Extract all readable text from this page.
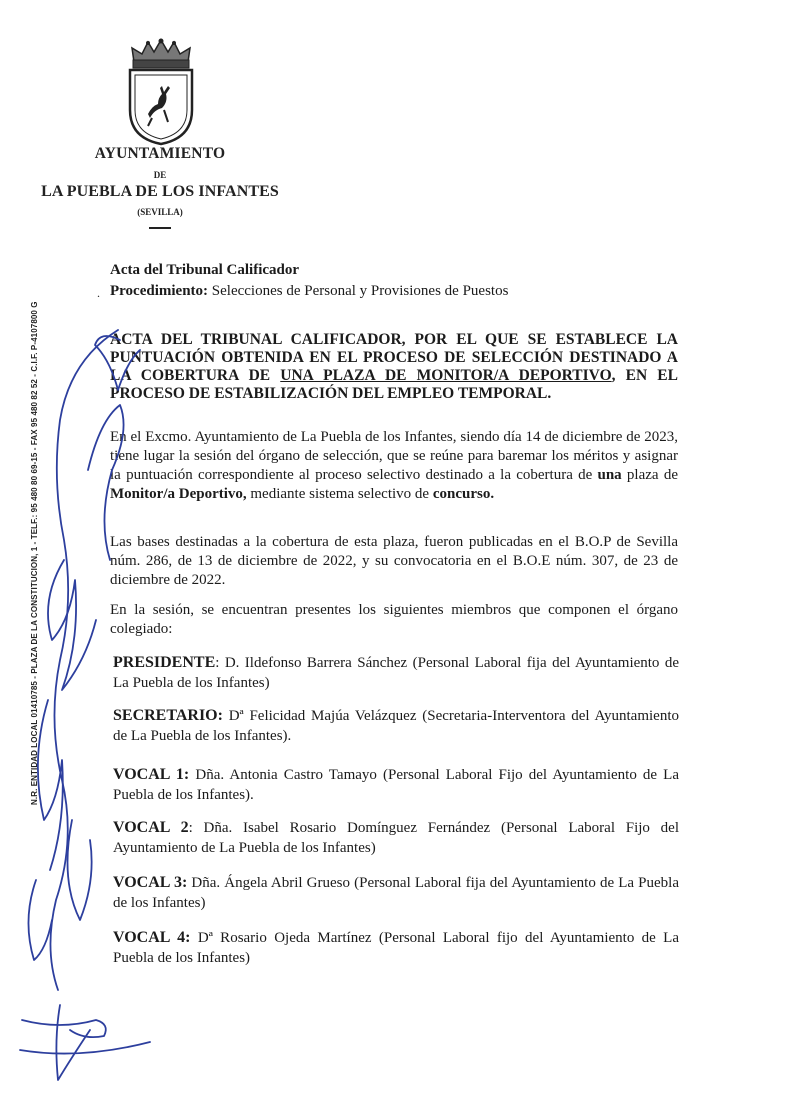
AYUNTAMIENTO
DE
LA PUEBLA DE LOS INFANTES
(SEVILLA)
N.R. ENTIDAD LOCAL 01410785 - PLAZA DE LA CONSTITUCION, 1 - TELF.: 95 480 80 69-15 - FAX 95 480 82 52 - C.I.F. P-4107800 G
Acta del Tribunal Calificador
. Procedimiento: Selecciones de Personal y Provisiones de Puestos
ACTA DEL TRIBUNAL CALIFICADOR, POR EL QUE SE ESTABLECE LA
PUNTUACIÓN OBTENIDA EN EL PROCESO DE SELECCIÓN DESTINADO A
LA COBERTURA DE UNA PLAZA DE MONITOR/A DEPORTIVO, EN EL
PROCESO DE ESTABILIZACIÓN DEL EMPLEO TEMPORAL.
En el Excmo. Ayuntamiento de La Puebla de los Infantes, siendo día 14 de diciembre de 2023, tiene lugar la sesión del órgano de selección, que se reúne para baremar los méritos y asignar la puntuación correspondiente al proceso selectivo destinado a la cobertura de una plaza de Monitor/a Deportivo, mediante sistema selectivo de concurso.
Las bases destinadas a la cobertura de esta plaza, fueron publicadas en el B.O.P de Sevilla núm. 286, de 13 de diciembre de 2022, y su convocatoria en el B.O.E núm. 307, de 23 de diciembre de 2022.
En la sesión, se encuentran presentes los siguientes miembros que componen el órgano colegiado:
PRESIDENTE: D. Ildefonso Barrera Sánchez (Personal Laboral fija del Ayuntamiento de La Puebla de los Infantes)
SECRETARIO: Dª Felicidad Majúa Velázquez (Secretaria-Interventora del Ayuntamiento de La Puebla de los Infantes).
VOCAL 1: Dña. Antonia Castro Tamayo (Personal Laboral Fijo del Ayuntamiento de La Puebla de los Infantes).
VOCAL 2: Dña. Isabel Rosario Domínguez Fernández (Personal Laboral Fijo del Ayuntamiento de La Puebla de los Infantes)
VOCAL 3: Dña. Ángela Abril Grueso (Personal Laboral fija del Ayuntamiento de La Puebla de los Infantes)
VOCAL 4: Dª Rosario Ojeda Martínez (Personal Laboral fijo del Ayuntamiento de La Puebla de los Infantes)
